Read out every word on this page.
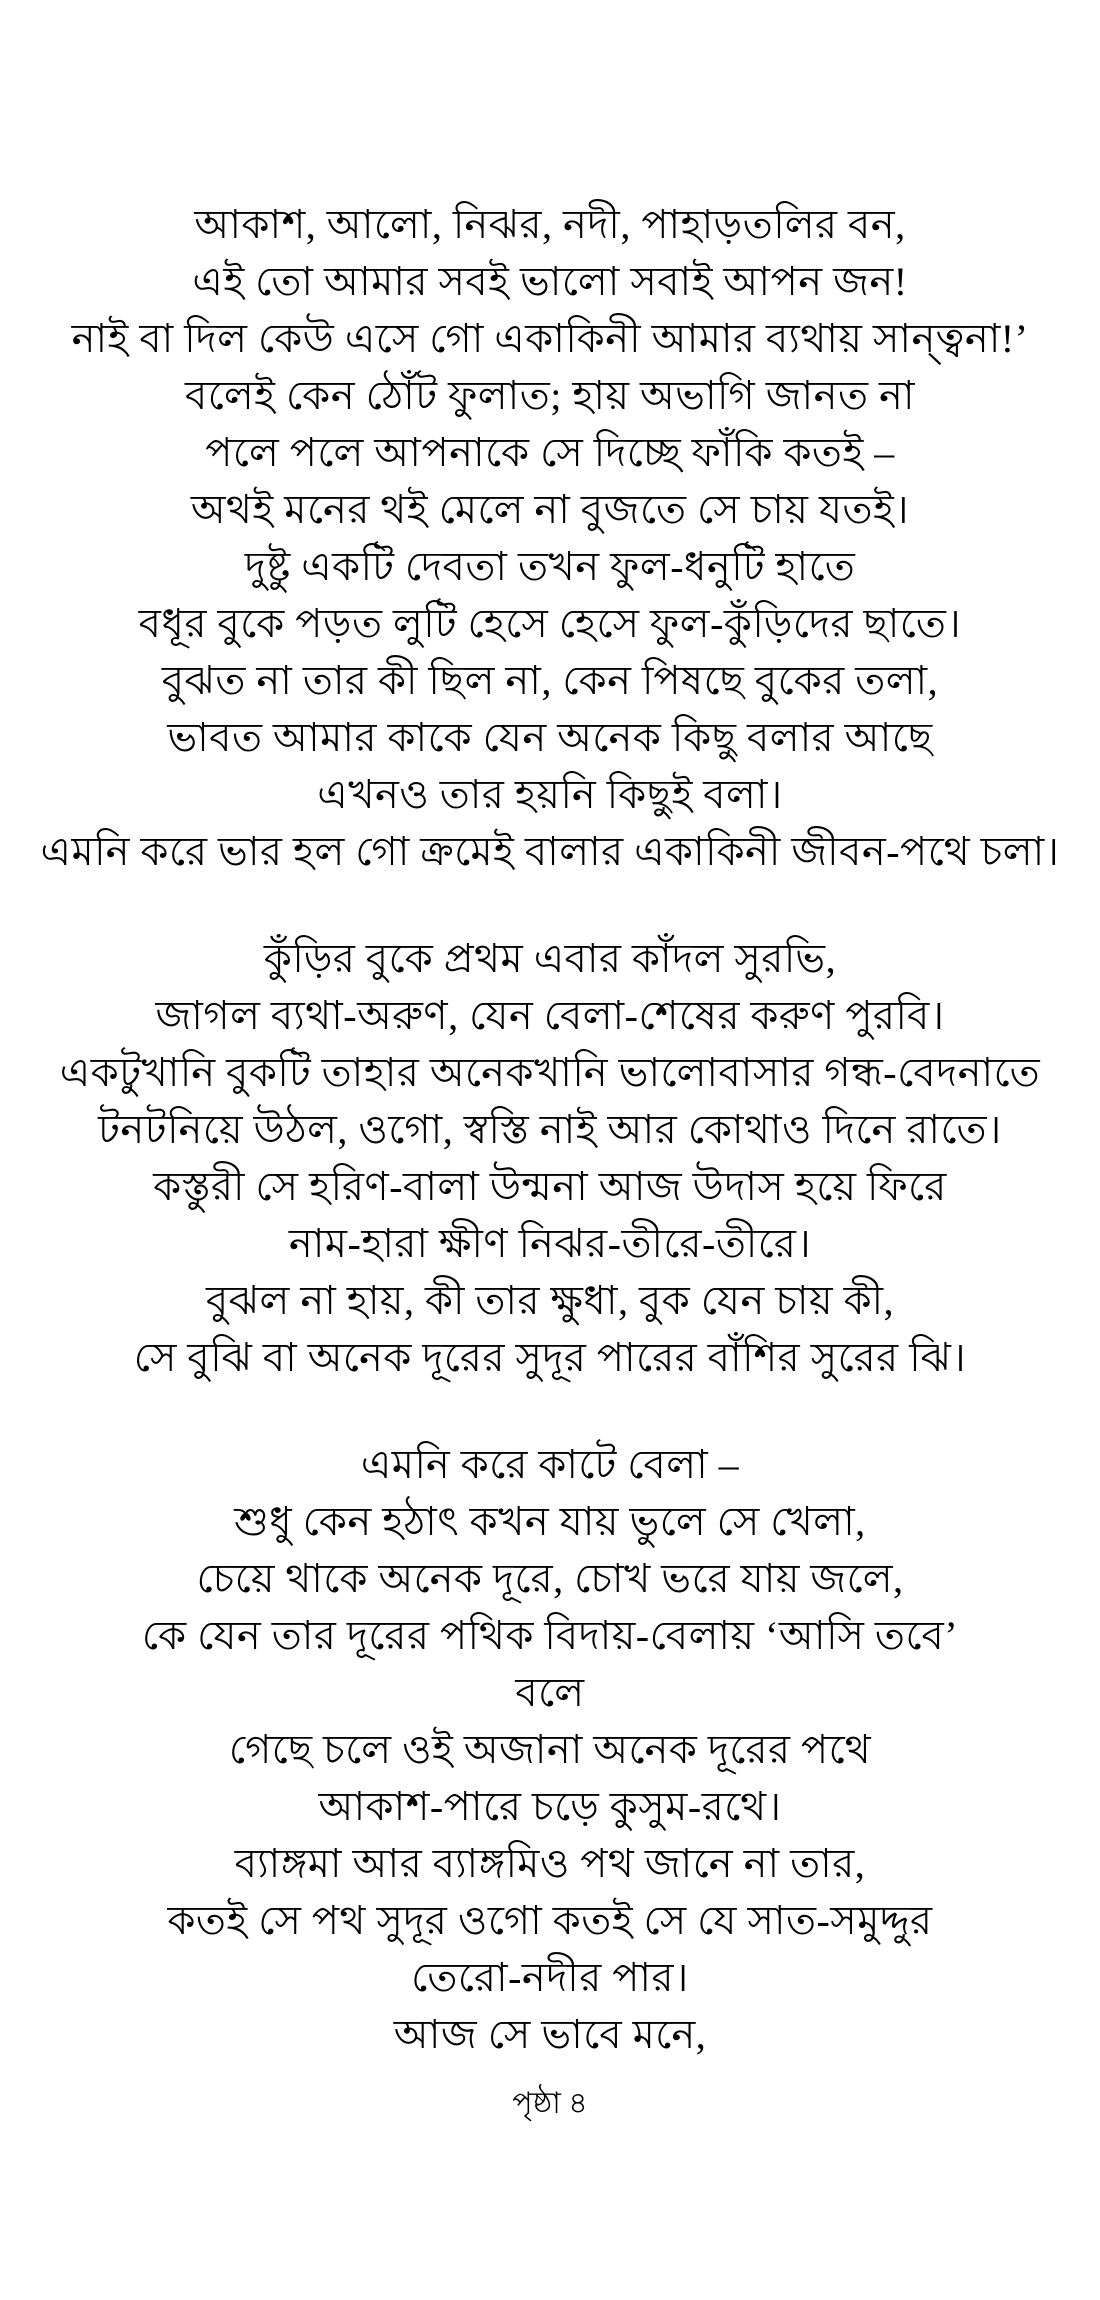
আকাশ, আলো, নিঝর, নদী, পাহাড়তলির বন,
এই তো আমার সবই ভালো সবাই আপন জন!
নাই বা দিল কেউ এসে গো একাকিনী আমার ব্যথায় সান্ত্বনা!’
বলেই কেন ঠোঁট ফুলাত; হায় অভাগি জানত না
পলে পলে আপনাকে সে দিচ্ছে ফাঁকি কতই –
অথই মনের থই মেলে না বুজতে সে চায় যতই।
দুষ্টু একটি দেবতা তখন ফুল-ধনুটি হাতে
বধূর বুকে পড়ত লুটি হেসে হেসে ফুল-কুঁড়িদের ছাতে।
বুঝত না তার কী ছিল না, কেন পিষছে বুকের তলা,
ভাবত আমার কাকে যেন অনেক কিছু বলার আছে
এখনও তার হয়নি কিছুই বলা।
এমনি করে ভার হল গো ক্রমেই বালার একাকিনী জীবন-পথে চলা।
কুঁড়ির বুকে প্রথম এবার কাঁদল সুরভি,
জাগল ব্যথা-অরুণ, যেন বেলা-শেষের করুণ পুরবি।
একটুখানি বুকটি তাহার অনেকখানি ভালোবাসার গন্ধ-বেদনাতে
টনটনিয়ে উঠল, ওগো, স্বস্তি নাই আর কোথাও দিনে রাতে।
কস্তুরী সে হরিণ-বালা উন্মনা আজ উদাস হয়ে ফিরে
নাম-হারা ক্ষীণ নিঝর-তীরে-তীরে।
বুঝল না হায়, কী তার ক্ষুধা, বুক যেন চায় কী,
সে বুঝি বা অনেক দূরের সুদূর পারের বাঁশির সুরের ঝি।
এমনি করে কাটে বেলা –
শুধু কেন হঠাৎ কখন যায় ভুলে সে খেলা,
চেয়ে থাকে অনেক দূরে, চোখ ভরে যায় জলে,
কে যেন তার দূরের পথিক বিদায়-বেলায় ‘আসি তবে’
বলে
গেছে চলে ওই অজানা অনেক দূরের পথে
আকাশ-পারে চড়ে কুসুম-রথে।
ব্যাঙ্গমা আর ব্যাঙ্গমিও পথ জানে না তার,
কতই সে পথ সুদূর ওগো কতই সে যে সাত-সমুদ্দুর
তেরো-নদীর পার।
আজ সে ভাবে মনে,
পৃষ্ঠা ৪
